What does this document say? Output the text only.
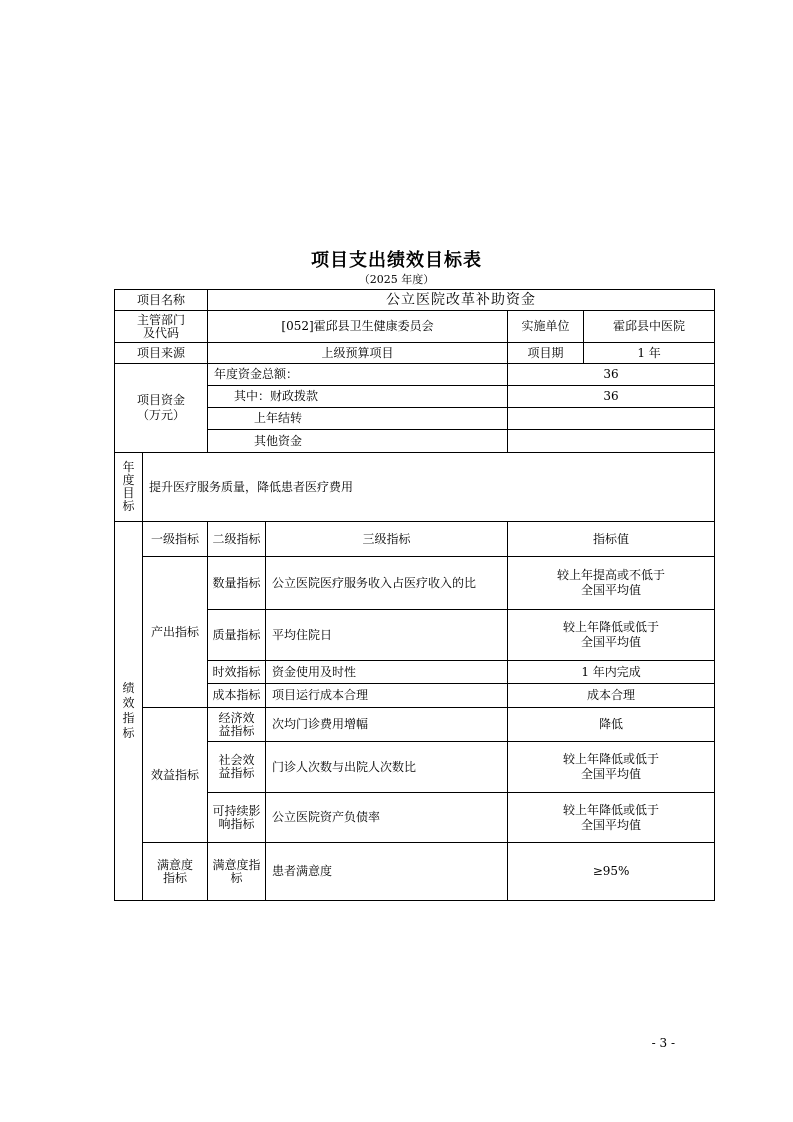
项目支出绩效目标表
（2025 年度）
项目名称		公立医院改革补助资金			
主管部门及代码		[052]霍邱县卫生健康委员会		实施单位	霍邱县中医院
项目来源		上级预算项目		项目期	1 年
项目资金（万元）		年度资金总额：		36	
		其中：财政拨款		36	
		上年结转			
		其他资金			
年度目标	提升医疗服务质量，降低患者医疗费用				
绩效指标	一级指标	二级指标	三级指标	指标值	
	产出指标	数量指标	公立医院医疗服务收入占医疗收入的比	较上年提高或不低于全国平均值	
		质量指标	平均住院日	较上年降低或低于全国平均值	
		时效指标	资金使用及时性	1 年内完成	
		成本指标	项目运行成本合理	成本合理	
	效益指标	经济效益指标	次均门诊费用增幅	降低	
		社会效益指标	门诊人次数与出院人次数比	较上年降低或低于全国平均值	
		可持续影响指标	公立医院资产负债率	较上年降低或低于全国平均值	
	满意度指标	满意度指标	患者满意度	≥95%	
- 3 -
